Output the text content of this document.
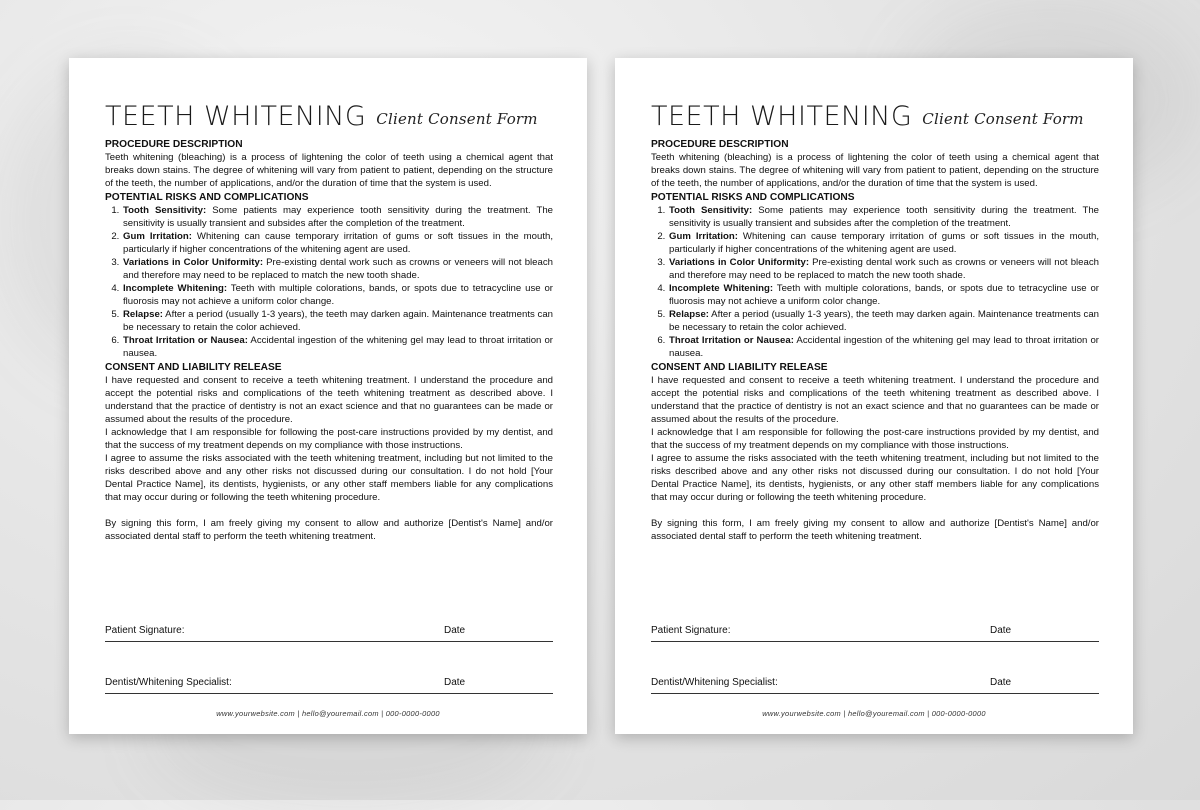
TEETH WHITENING Client Consent Form
PROCEDURE DESCRIPTION

Teeth whitening (bleaching) is a process of lightening the color of teeth using a chemical agent that breaks down stains. The degree of whitening will vary from patient to patient, depending on the structure of the teeth, the number of applications, and/or the duration of time that the system is used.

POTENTIAL RISKS AND COMPLICATIONS
1. Tooth Sensitivity: Some patients may experience tooth sensitivity during the treatment. The sensitivity is usually transient and subsides after the completion of the treatment.
2. Gum Irritation: Whitening can cause temporary irritation of gums or soft tissues in the mouth, particularly if higher concentrations of the whitening agent are used.
3. Variations in Color Uniformity: Pre-existing dental work such as crowns or veneers will not bleach and therefore may need to be replaced to match the new tooth shade.
4. Incomplete Whitening: Teeth with multiple colorations, bands, or spots due to tetracycline use or fluorosis may not achieve a uniform color change.
5. Relapse: After a period (usually 1-3 years), the teeth may darken again. Maintenance treatments can be necessary to retain the color achieved.
6. Throat Irritation or Nausea: Accidental ingestion of the whitening gel may lead to throat irritation or nausea.
CONSENT AND LIABILITY RELEASE

I have requested and consent to receive a teeth whitening treatment. I understand the procedure and accept the potential risks and complications of the teeth whitening treatment as described above. I understand that the practice of dentistry is not an exact science and that no guarantees can be made or assumed about the results of the procedure.

I acknowledge that I am responsible for following the post-care instructions provided by my dentist, and that the success of my treatment depends on my compliance with those instructions.

I agree to assume the risks associated with the teeth whitening treatment, including but not limited to the risks described above and any other risks not discussed during our consultation. I do not hold [Your Dental Practice Name], its dentists, hygienists, or any other staff members liable for any complications that may occur during or following the teeth whitening procedure.

By signing this form, I am freely giving my consent to allow and authorize [Dentist's Name] and/or associated dental staff to perform the teeth whitening treatment.

Patient Signature:	Date
Dentist/Whitening Specialist:	Date
www.yourwebsite.com | hello@youremail.com | 000-0000-0000
TEETH WHITENING Client Consent Form
PROCEDURE DESCRIPTION

Teeth whitening (bleaching) is a process of lightening the color of teeth using a chemical agent that breaks down stains. The degree of whitening will vary from patient to patient, depending on the structure of the teeth, the number of applications, and/or the duration of time that the system is used.

POTENTIAL RISKS AND COMPLICATIONS
1. Tooth Sensitivity: Some patients may experience tooth sensitivity during the treatment. The sensitivity is usually transient and subsides after the completion of the treatment.
2. Gum Irritation: Whitening can cause temporary irritation of gums or soft tissues in the mouth, particularly if higher concentrations of the whitening agent are used.
3. Variations in Color Uniformity: Pre-existing dental work such as crowns or veneers will not bleach and therefore may need to be replaced to match the new tooth shade.
4. Incomplete Whitening: Teeth with multiple colorations, bands, or spots due to tetracycline use or fluorosis may not achieve a uniform color change.
5. Relapse: After a period (usually 1-3 years), the teeth may darken again. Maintenance treatments can be necessary to retain the color achieved.
6. Throat Irritation or Nausea: Accidental ingestion of the whitening gel may lead to throat irritation or nausea.
CONSENT AND LIABILITY RELEASE

I have requested and consent to receive a teeth whitening treatment. I understand the procedure and accept the potential risks and complications of the teeth whitening treatment as described above. I understand that the practice of dentistry is not an exact science and that no guarantees can be made or assumed about the results of the procedure.

I acknowledge that I am responsible for following the post-care instructions provided by my dentist, and that the success of my treatment depends on my compliance with those instructions.

I agree to assume the risks associated with the teeth whitening treatment, including but not limited to the risks described above and any other risks not discussed during our consultation. I do not hold [Your Dental Practice Name], its dentists, hygienists, or any other staff members liable for any complications that may occur during or following the teeth whitening procedure.

By signing this form, I am freely giving my consent to allow and authorize [Dentist's Name] and/or associated dental staff to perform the teeth whitening treatment.

Patient Signature:	Date
Dentist/Whitening Specialist:	Date
www.yourwebsite.com | hello@youremail.com | 000-0000-0000
